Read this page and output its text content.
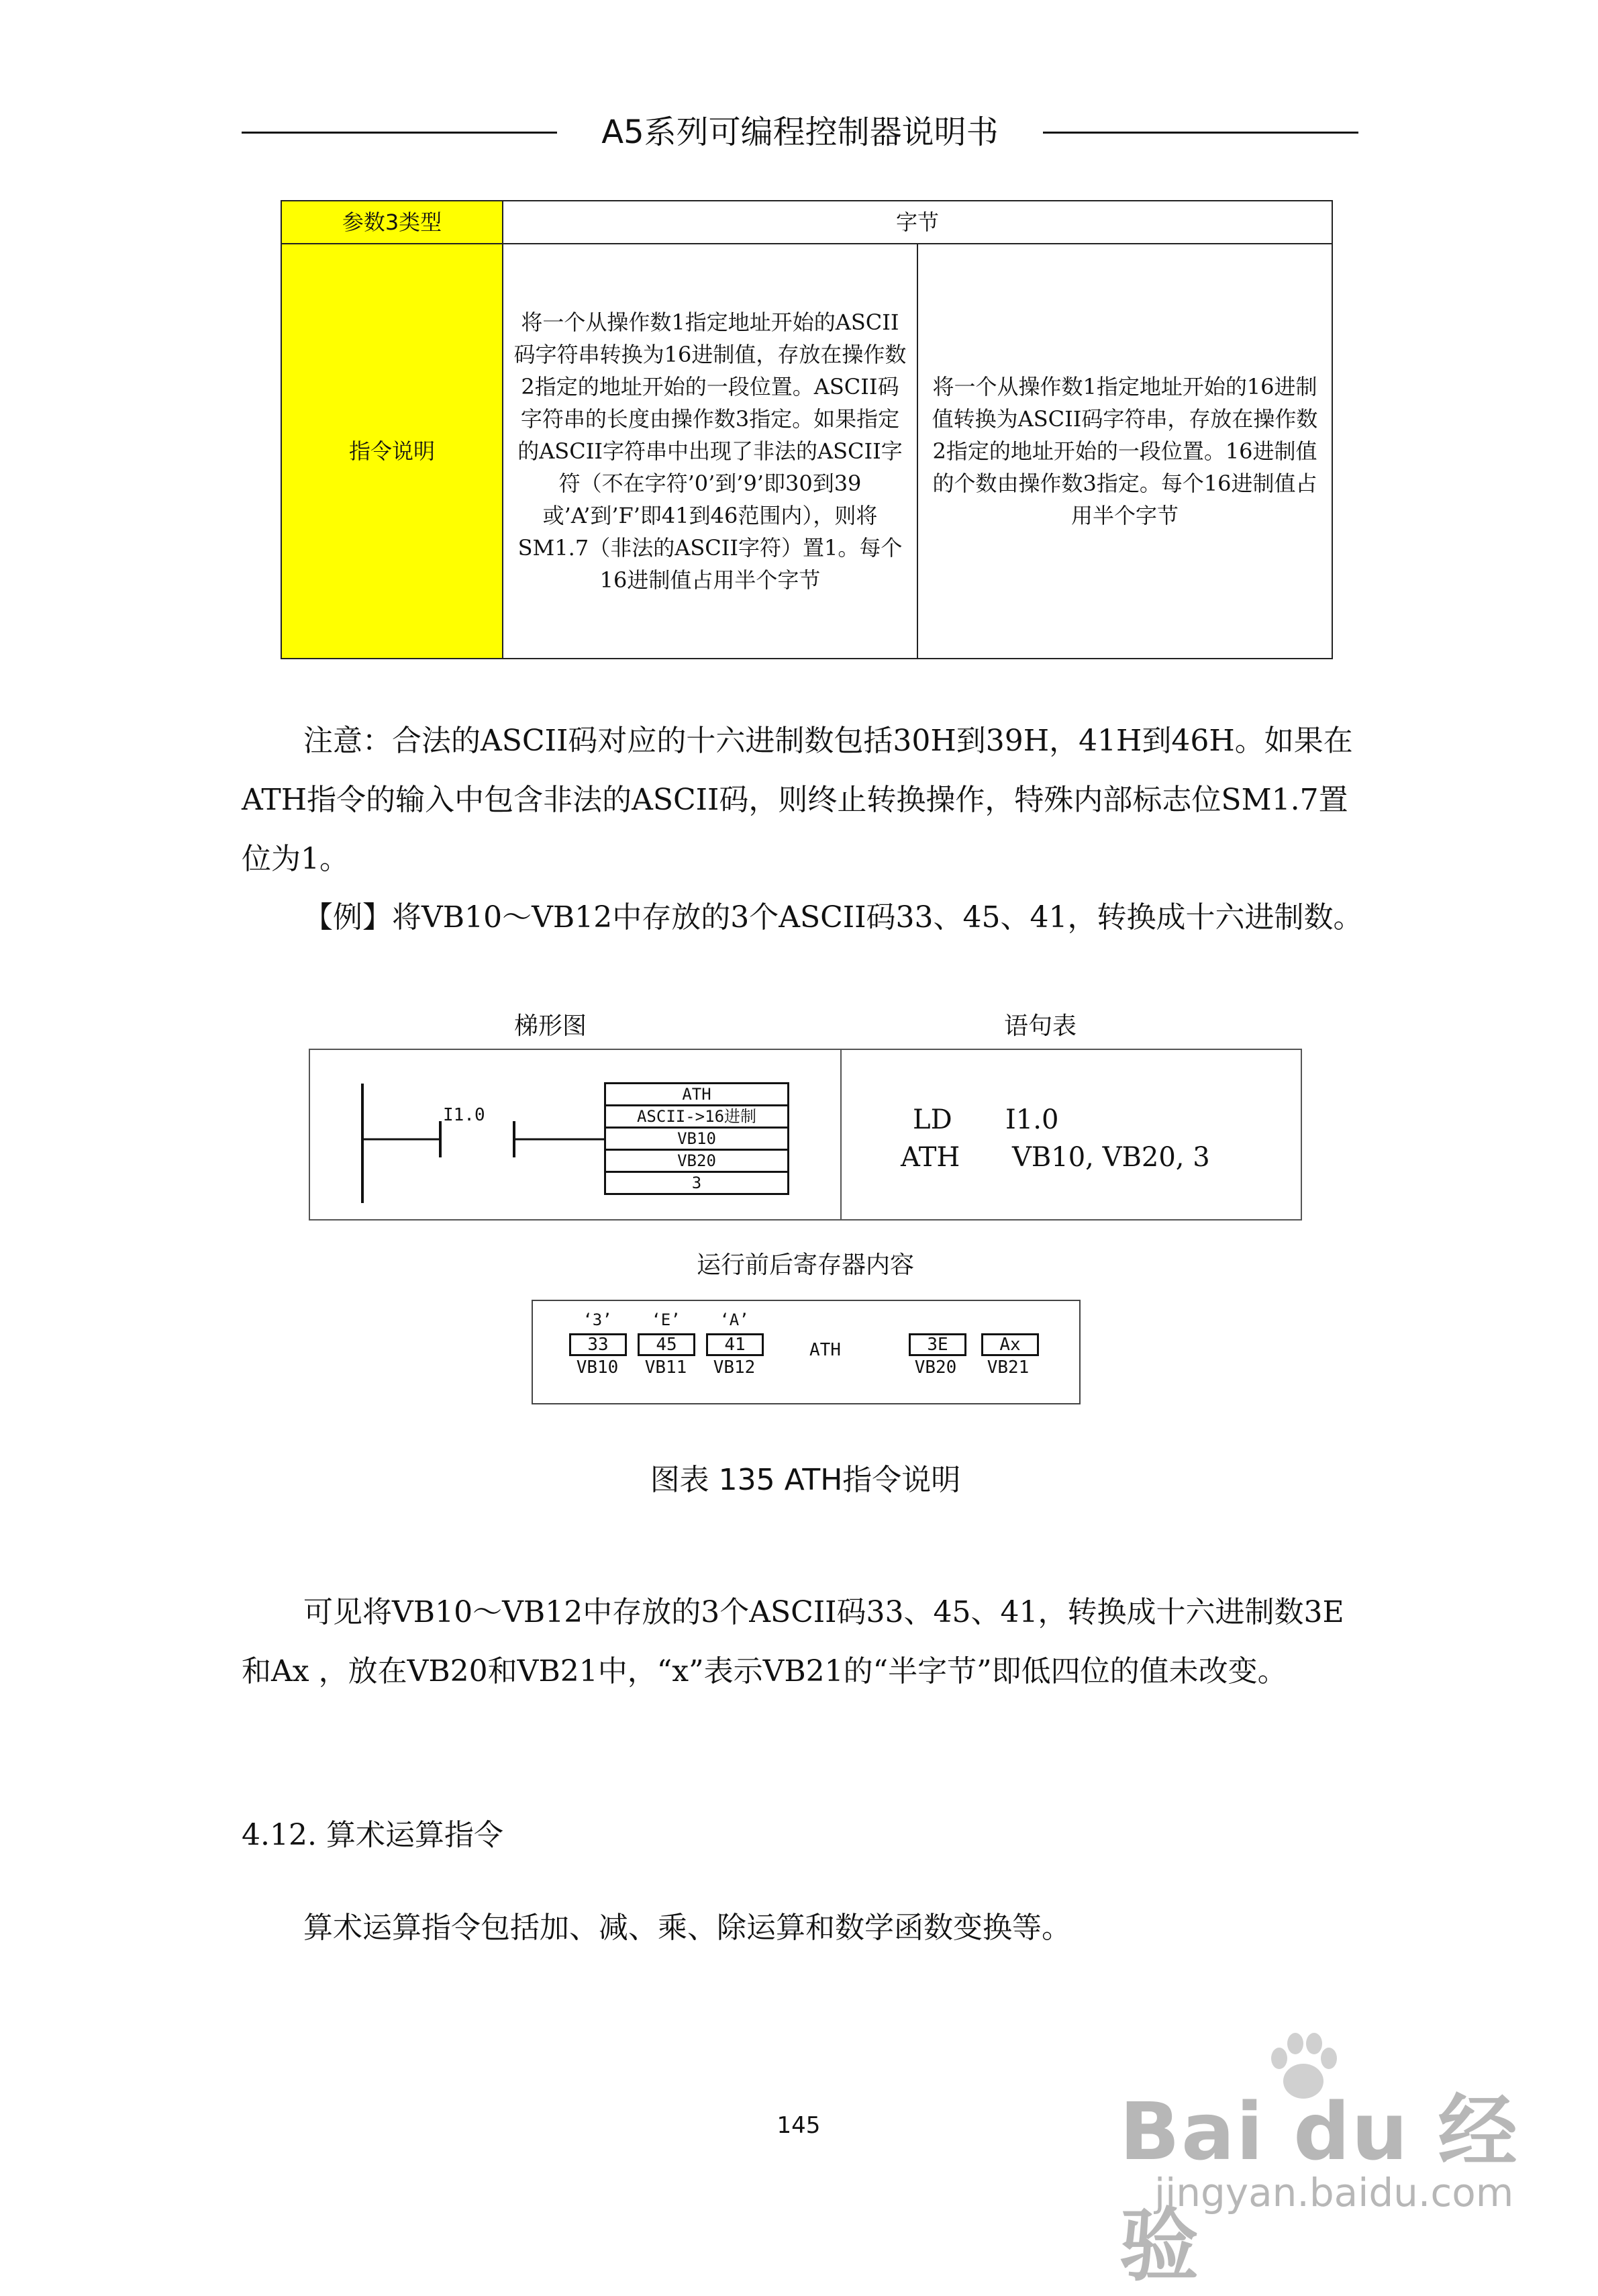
A5系列可编程控制器说明书
参数3类型	字节	
指令说明	将一个从操作数1指定地址开始的ASCII码字符串转换为16进制值，存放在操作数2指定的地址开始的一段位置。ASCII码字符串的长度由操作数3指定。如果指定的ASCII字符串中出现了非法的ASCII字符（不在字符’0’到’9’即30到39或’A’到’F’即41到46范围内），则将SM1.7（非法的ASCII字符）置1。每个16进制值占用半个字节	将一个从操作数1指定地址开始的16进制值转换为ASCII码字符串，存放在操作数2指定的地址开始的一段位置。16进制值的个数由操作数3指定。每个16进制值占用半个字节

注意：合法的ASCII码对应的十六进制数包括30H到39H，41H到46H。如果在ATH指令的输入中包含非法的ASCII码，则终止转换操作，特殊内部标志位SM1.7置位为1。

【例】将VB10～VB12中存放的3个ASCII码33、45、41，转换成十六进制数。

梯形图	语句表
I1.0
ATH
ASCII->16进制
VB10
VB20
3
LD I1.0
ATH VB10, VB20, 3
运行前后寄存器内容
‘3’
33
VB10
‘E’
45
VB11
‘A’
41
VB12
ATH	3E
VB20
Ax
VB21
图表 135 ATH指令说明

可见将VB10～VB12中存放的3个ASCII码33、45、41，转换成十六进制数3E和Ax ，放在VB20和VB21中，“x”表示VB21的“半字节”即低四位的值未改变。

4.12. 算术运算指令

算术运算指令包括加、减、乘、除运算和数学函数变换等。

145	Bai du 经验
jingyan.baidu.com
